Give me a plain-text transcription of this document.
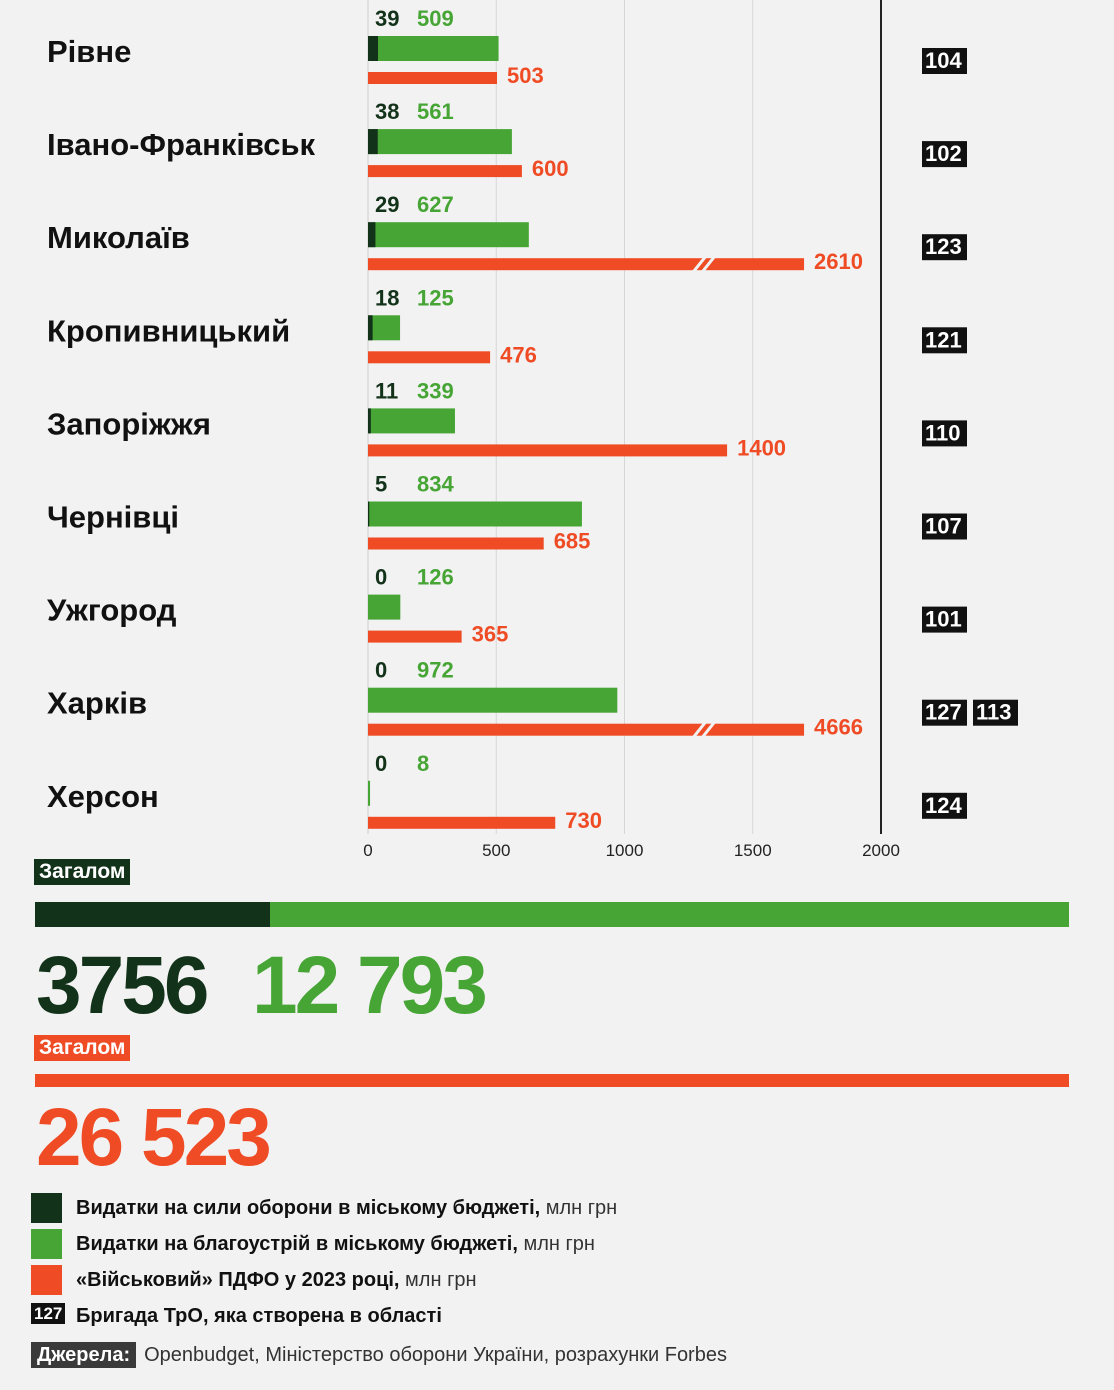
Рівне
39 509
503
104
Івано-Франківськ
38 561
600
102
Миколаїв
29 627
2610
123
Кропивницький
18 125
476
121
Запоріжжя
11 339
1400
110
Чернівці
5 834
685
107
Ужгород
0 126
365
101
Харків
0 972
4666
127 113
Херсон
0 8
730
124
0	500	1000	1500	2000
Загалом
3756 12 793
Загалом
26 523
Видатки на сили оборони в міському бюджеті, млн грн
Видатки на благоустрій в міському бюджеті, млн грн
«Військовий» ПДФО у 2023 році, млн грн
127 Бригада ТрО, яка створена в області
Джерела: Openbudget, Міністерство оборони України, розрахунки Forbes
